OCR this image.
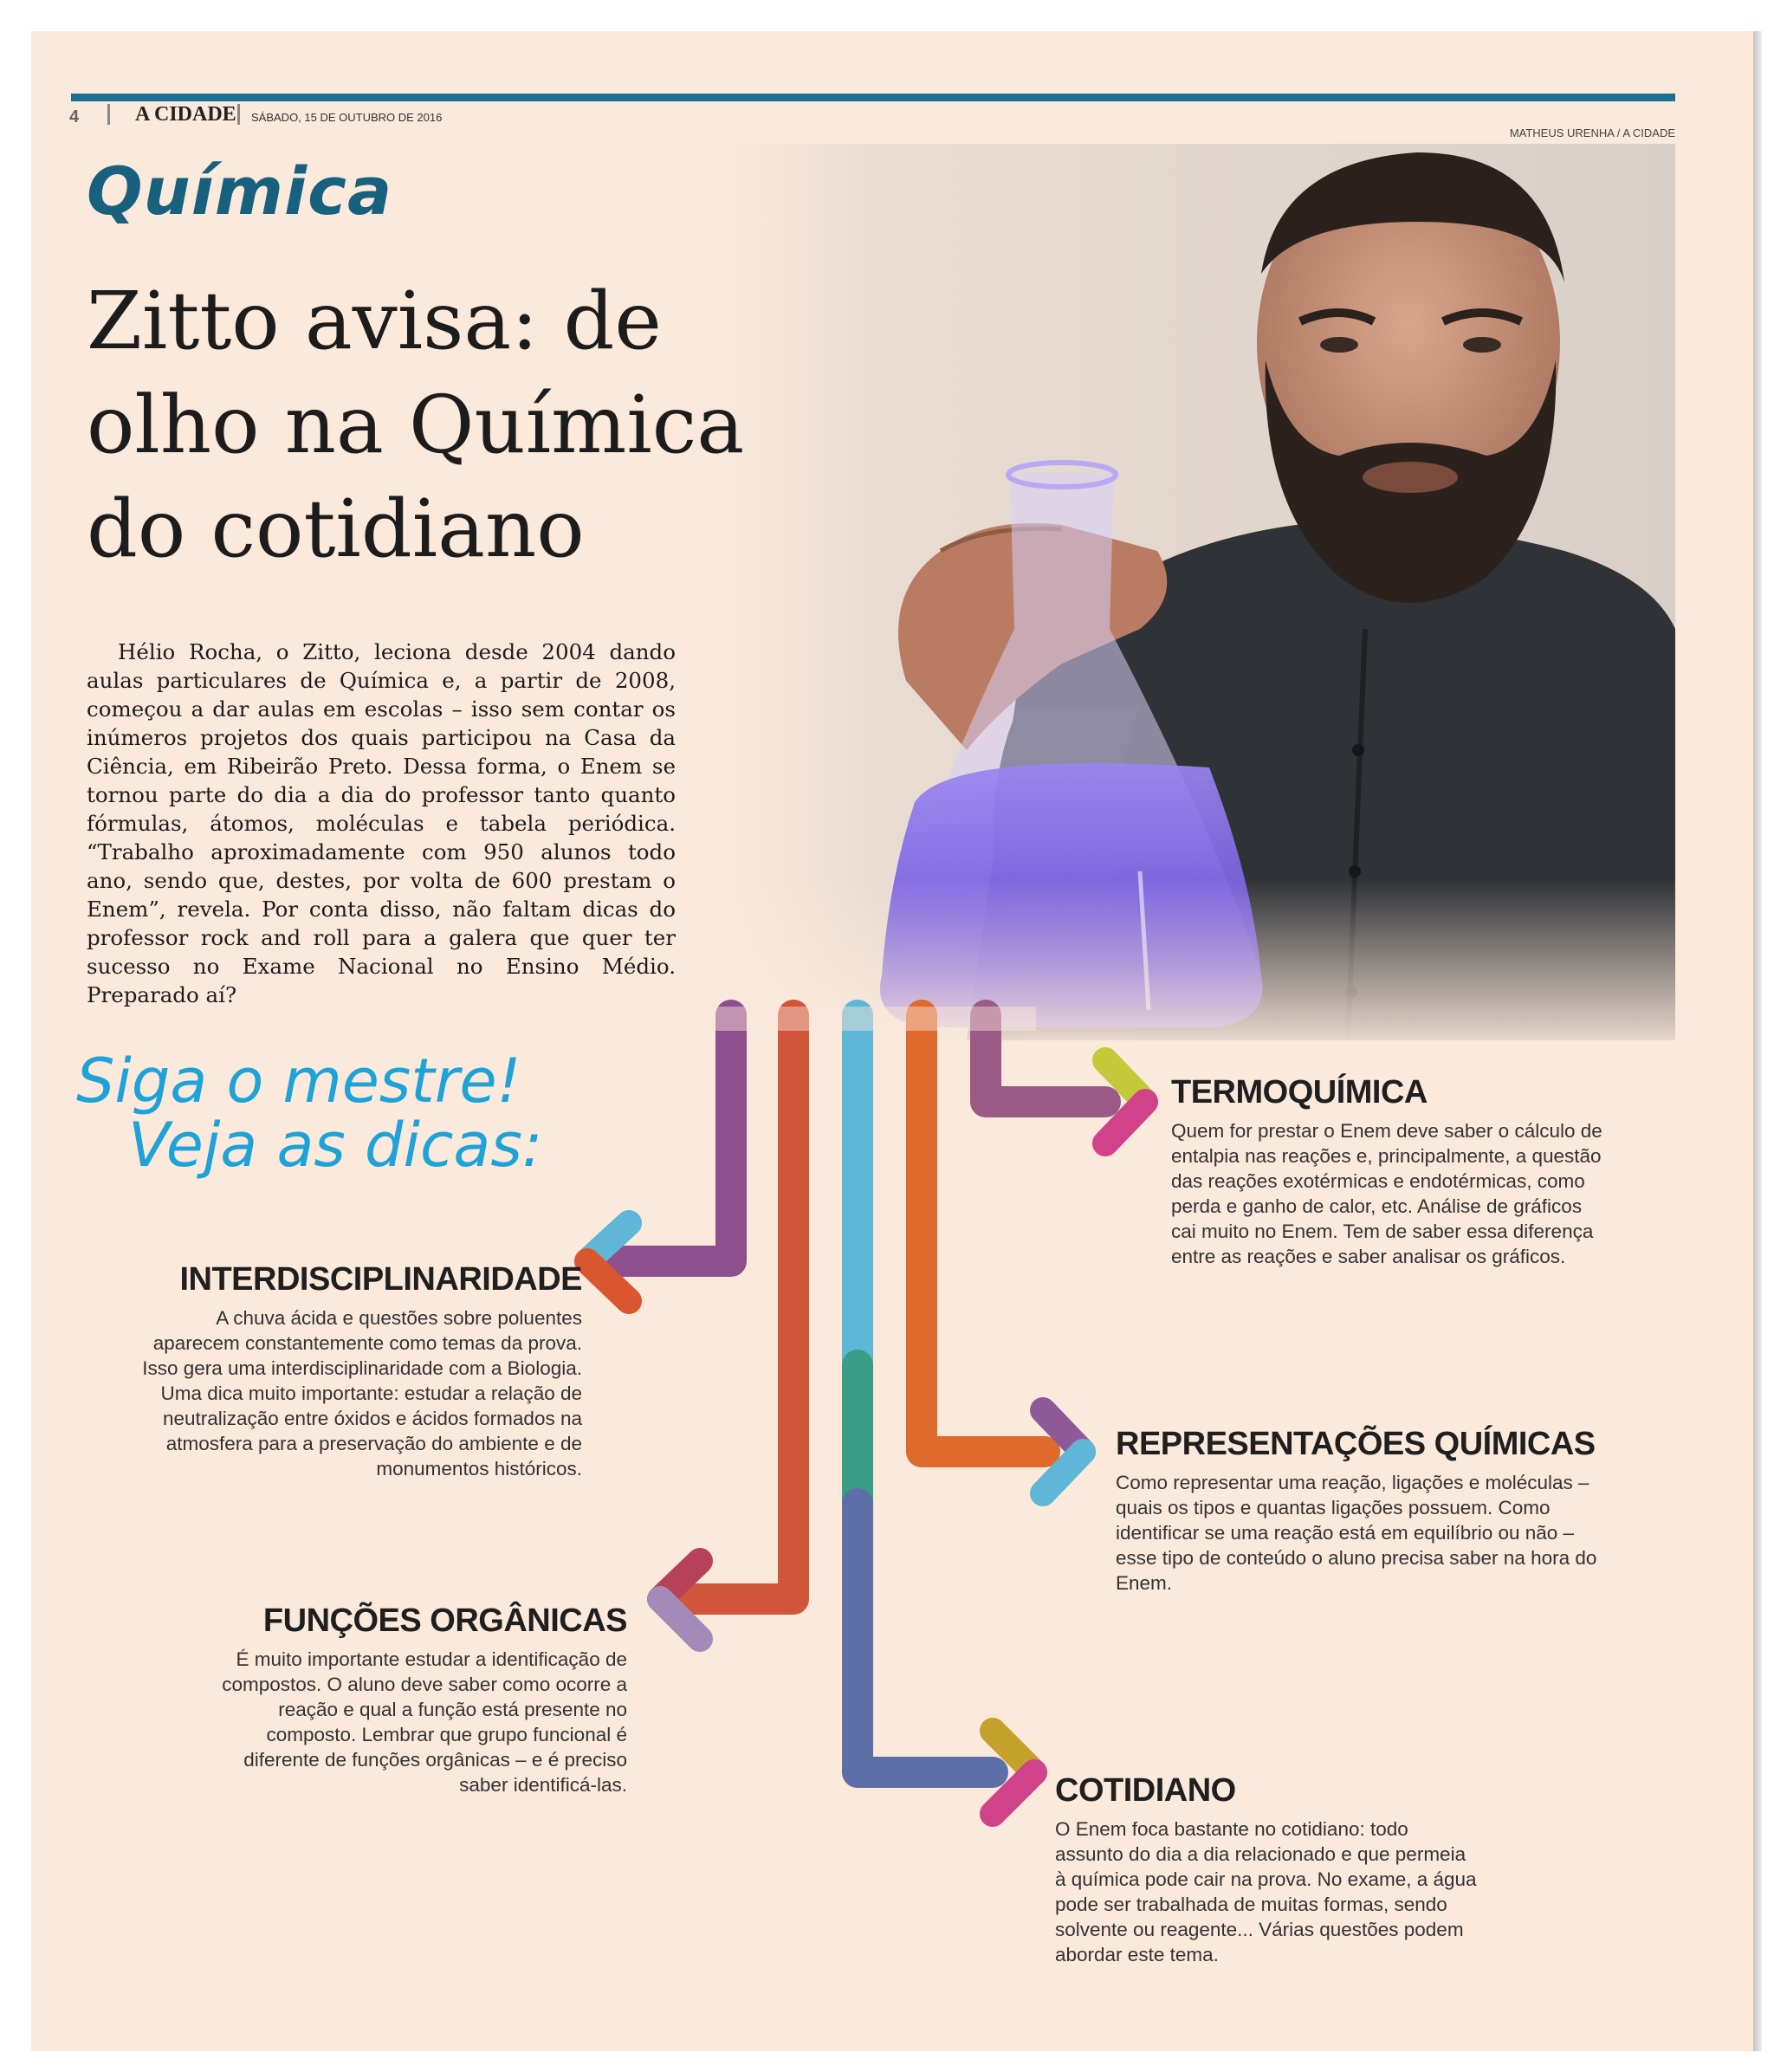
4	A CIDADE SÁBADO, 15 DE OUTUBRO DE 2016
MATHEUS URENHA / A CIDADE
Química
Zitto avisa: de olho na Química do cotidiano

Hélio Rocha, o Zitto, leciona desde 2004 dando aulas particulares de Química e, a partir de 2008, começou a dar aulas em escolas – isso sem contar os inúmeros projetos dos quais participou na Casa da Ciência, em Ribeirão Preto. Dessa forma, o Enem se tornou parte do dia a dia do professor tanto quanto fórmulas, átomos, moléculas e tabela periódica. “Trabalho aproximadamente com 950 alunos todo ano, sendo que, destes, por volta de 600 prestam o Enem”, revela. Por conta disso, não faltam dicas do professor rock and roll para a galera que quer ter sucesso no Exame Nacional no Ensino Médio. Preparado aí?

Siga o mestre!
Veja as dicas:
TERMOQUÍMICA

Quem for prestar o Enem deve saber o cálculo de entalpia nas reações e, principalmente, a questão das reações exotérmicas e endotérmicas, como perda e ganho de calor, etc. Análise de gráficos cai muito no Enem. Tem de saber essa diferença entre as reações e saber analisar os gráficos.

INTERDISCIPLINARIDADE

A chuva ácida e questões sobre poluentes aparecem constantemente como temas da prova. Isso gera uma interdisciplinaridade com a Biologia. Uma dica muito importante: estudar a relação de neutralização entre óxidos e ácidos formados na atmosfera para a preservação do ambiente e de monumentos históricos.

REPRESENTAÇÕES QUÍMICAS

Como representar uma reação, ligações e moléculas – quais os tipos e quantas ligações possuem. Como identificar se uma reação está em equilíbrio ou não – esse tipo de conteúdo o aluno precisa saber na hora do Enem.

FUNÇÕES ORGÂNICAS

É muito importante estudar a identificação de compostos. O aluno deve saber como ocorre a reação e qual a função está presente no composto. Lembrar que grupo funcional é diferente de funções orgânicas – e é preciso saber identificá-las.	COTIDIANO

O Enem foca bastante no cotidiano: todo assunto do dia a dia relacionado e que permeia à química pode cair na prova. No exame, a água pode ser trabalhada de muitas formas, sendo solvente ou reagente... Várias questões podem abordar este tema.
